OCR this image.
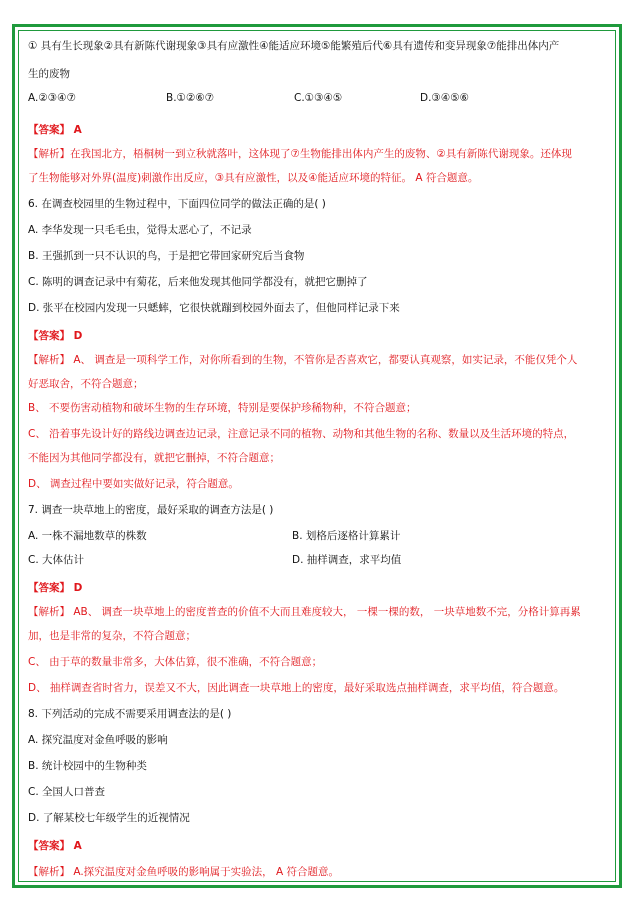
① 具有生长现象②具有新陈代谢现象③具有应激性④能适应环境⑤能繁殖后代⑥具有遗传和变异现象⑦能排出体内产
生的废物
A.②③④⑦	B.①②⑥⑦	C.①③④⑤	D.③④⑤⑥
【答案】 A
【解析】在我国北方，梧桐树一到立秋就落叶，这体现了⑦生物能排出体内产生的废物、②具有新陈代谢现象。还体现
了生物能够对外界(温度)刺激作出反应，③具有应激性，以及④能适应环境的特征。 A 符合题意。
6. 在调查校园里的生物过程中，下面四位同学的做法正确的是( )
A. 李华发现一只毛毛虫，觉得太恶心了，不记录
B. 王强抓到一只不认识的鸟，于是把它带回家研究后当食物
C. 陈明的调查记录中有菊花，后来他发现其他同学都没有，就把它删掉了
D. 张平在校园内发现一只蟋蟀，它很快就蹦到校园外面去了，但他同样记录下来
【答案】 D
【解析】 A、 调查是一项科学工作，对你所看到的生物，不管你是否喜欢它，都要认真观察，如实记录，不能仅凭个人
好恶取舍，不符合题意；
B、 不要伤害动植物和破坏生物的生存环境，特别是要保护珍稀物种，不符合题意；
C、 沿着事先设计好的路线边调查边记录，注意记录不同的植物、动物和其他生物的名称、数量以及生活环境的特点，
不能因为其他同学都没有，就把它删掉，不符合题意；
D、 调查过程中要如实做好记录，符合题意。
7. 调查一块草地上的密度，最好采取的调查方法是( )
A. 一株不漏地数草的株数	B. 划格后逐格计算累计
C. 大体估计	D. 抽样调查，求平均值
【答案】 D
【解析】 AB、 调查一块草地上的密度普查的价值不大而且难度较大， 一棵一棵的数， 一块草地数不完，分格计算再累
加，也是非常的复杂，不符合题意；
C、 由于草的数量非常多，大体估算，很不准确，不符合题意；
D、 抽样调查省时省力，误差又不大，因此调查一块草地上的密度，最好采取选点抽样调查，求平均值，符合题意。
8. 下列活动的完成不需要采用调查法的是( )
A. 探究温度对金鱼呼吸的影响
B. 统计校园中的生物种类
C. 全国人口普查
D. 了解某校七年级学生的近视情况
【答案】 A
【解析】 A.探究温度对金鱼呼吸的影响属于实验法， A 符合题意。
